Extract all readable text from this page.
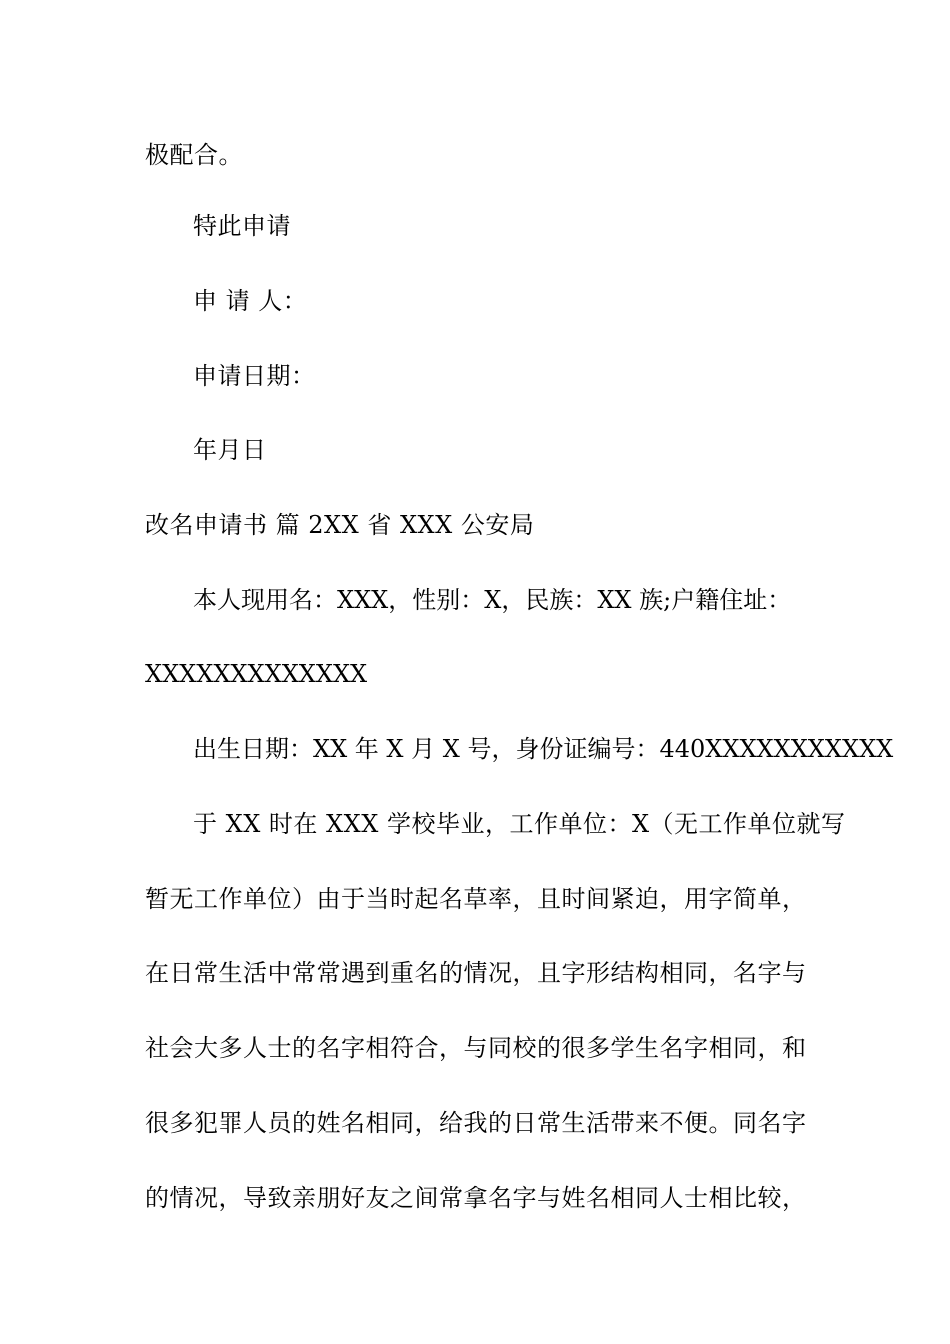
极配合。
特此申请
申 请 人：
申请日期：
年月日
改名申请书 篇 2XX 省 XXX 公安局
本人现用名：XXX，性别：X，民族：XX 族;户籍住址：
XXXXXXXXXXXXX
出生日期：XX 年 X 月 X 号，身份证编号：440XXXXXXXXXXX
于 XX 时在 XXX 学校毕业，工作单位：X（无工作单位就写
暂无工作单位）由于当时起名草率，且时间紧迫，用字简单，
在日常生活中常常遇到重名的情况，且字形结构相同，名字与
社会大多人士的名字相符合，与同校的很多学生名字相同，和
很多犯罪人员的姓名相同，给我的日常生活带来不便。同名字
的情况，导致亲朋好友之间常拿名字与姓名相同人士相比较，
